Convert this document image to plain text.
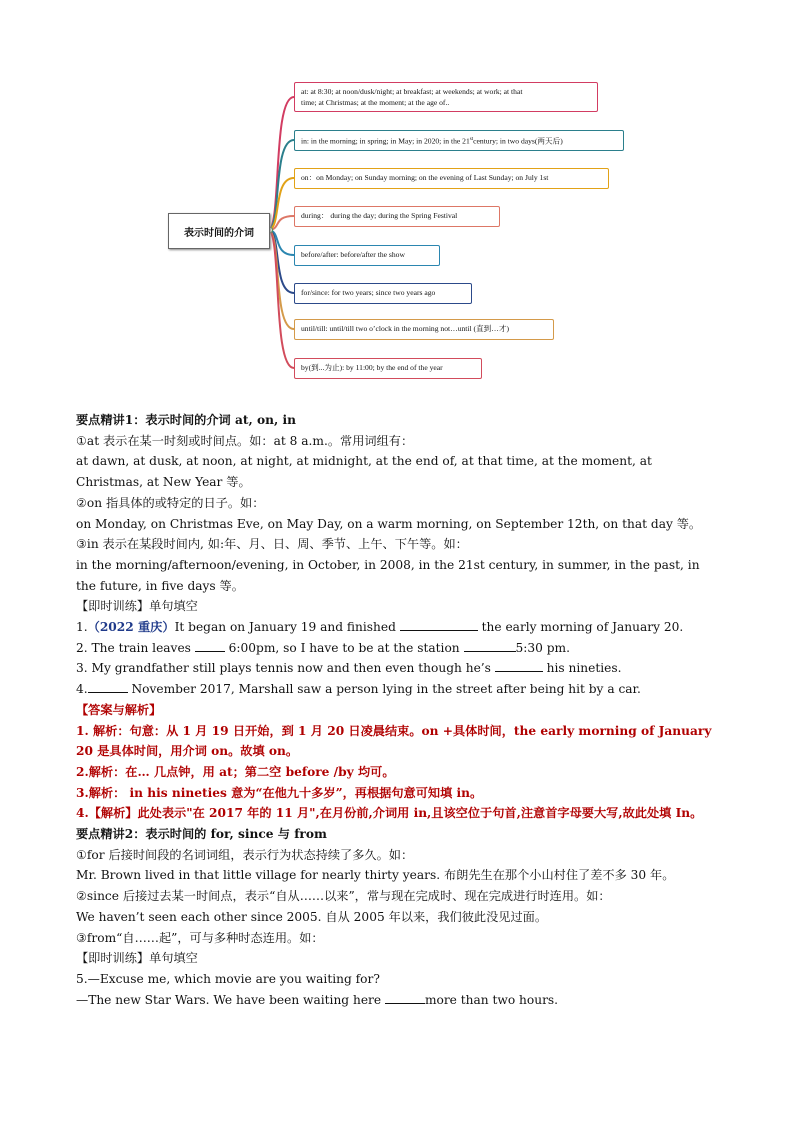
表示时间的介词
at: at 8:30; at noon/dusk/night; at breakfast; at weekends; at work; at that
time; at Christmas; at the moment; at the age of..
in: in the morning; in spring; in May; in 2020; in the 21stcentury; in two days(两天后)
on：on Monday; on Sunday morning; on the evening of Last Sunday; on July 1st
during： during the day; during the Spring Festival
before/after: before/after the show
for/since: for two years; since two years ago
until/till: until/till two o’clock in the morning not…until (直到…才)
by(到...为止): by 11:00; by the end of the year

要点精讲1：表示时间的介词 at, on, in

①at 表示在某一时刻或时间点。如：at 8 a.m.。常用词组有：

at dawn, at dusk, at noon, at night, at midnight, at the end of, at that time, at the moment, at Christmas, at New Year 等。

②on 指具体的或特定的日子。如：

on Monday, on Christmas Eve, on May Day, on a warm morning, on September 12th, on that day 等。

③in 表示在某段时间内, 如:年、月、日、周、季节、上午、下午等。如：

in the morning/afternoon/evening, in October, in 2008, in the 21st century, in summer, in the past, in the future, in five days 等。

【即时训练】单句填空

1.（2022 重庆）It began on January 19 and finished	the early morning of January 20.

2. The train leaves  6:00pm, so I have to be at the station	5:30 pm.

3. My grandfather still plays tennis now and then even though he’s	his nineties.

4.	November 2017, Marshall saw a person lying in the street after being hit by a car.

【答案与解析】

1. 解析：句意：从 1 月 19 日开始，到 1 月 20 日凌晨结束。on +具体时间，the early morning of January 20 是具体时间，用介词 on。故填 on。

2.解析：在… 几点钟，用 at；第二空 before /by 均可。

3.解析： in his nineties 意为“在他九十多岁”，再根据句意可知填 in。

4.【解析】此处表示"在 2017 年的 11 月",在月份前,介词用 in,且该空位于句首,注意首字母要大写,故此处填 In。

要点精讲2：表示时间的 for, since 与 from

①for 后接时间段的名词词组，表示行为状态持续了多久。如：

Mr. Brown lived in that little village for nearly thirty years. 布朗先生在那个小山村住了差不多 30 年。

②since 后接过去某一时间点，表示“自从……以来”，常与现在完成时、现在完成进行时连用。如：

We haven’t seen each other since 2005. 自从 2005 年以来，我们彼此没见过面。

③from“自……起”，可与多种时态连用。如：

【即时训练】单句填空

5.—Excuse me, which movie are you waiting for?

—The new Star Wars. We have been waiting here	more than two hours.
